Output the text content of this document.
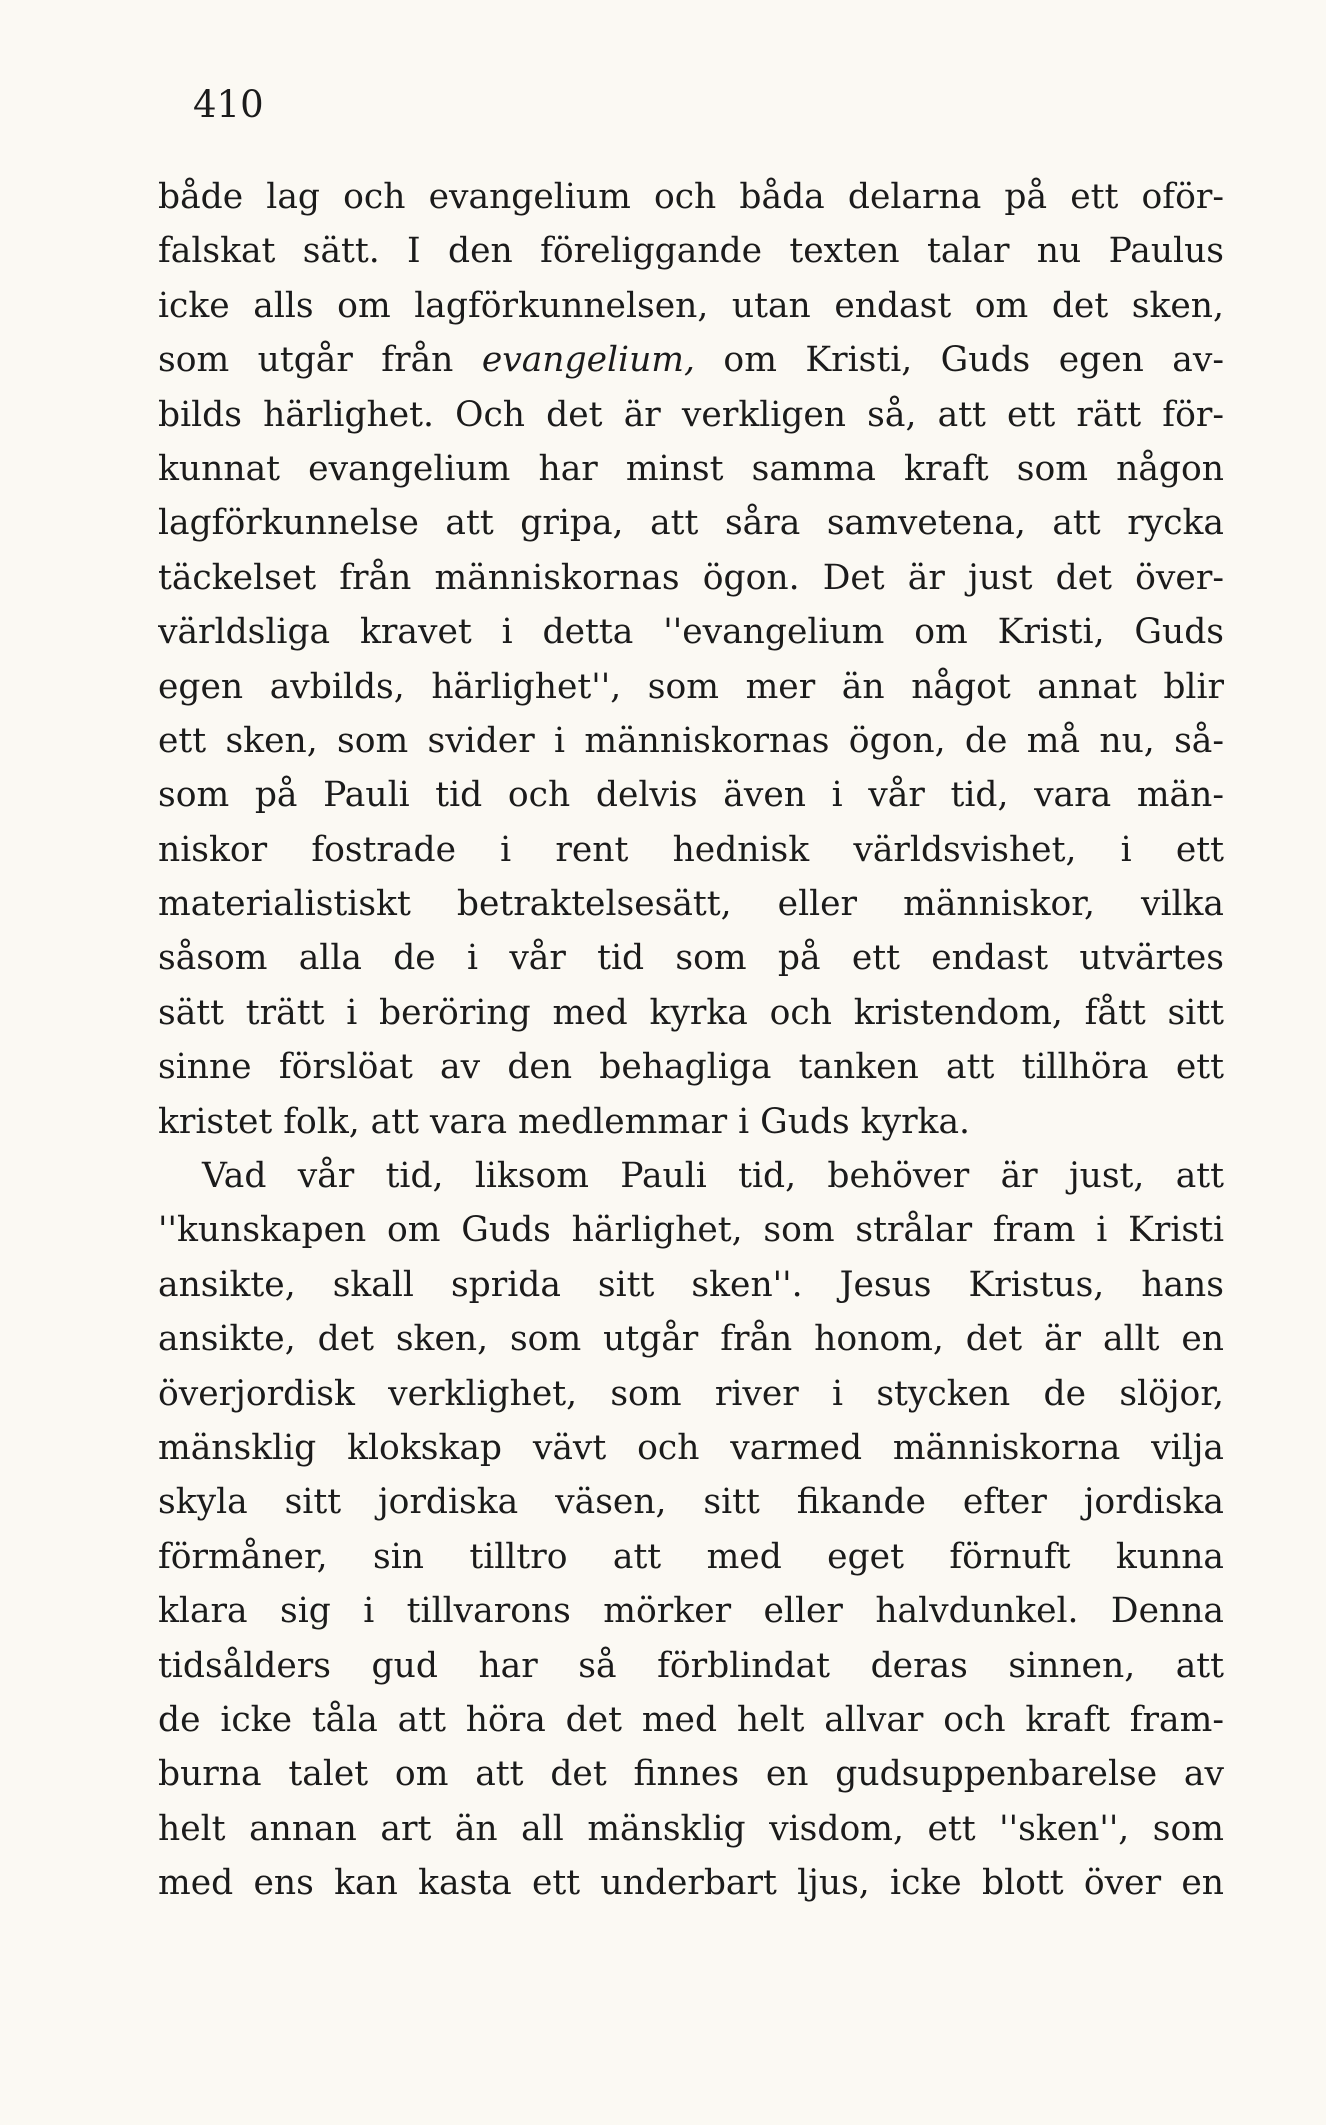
410
både lag och evangelium och båda delarna på ett oför-
falskat sätt. I den föreliggande texten talar nu Paulus
icke alls om lagförkunnelsen, utan endast om det sken,
som utgår från evangelium, om Kristi, Guds egen av-
bilds härlighet. Och det är verkligen så, att ett rätt för-
kunnat evangelium har minst samma kraft som någon
lagförkunnelse att gripa, att såra samvetena, att rycka
täckelset från människornas ögon. Det är just det över-
världsliga kravet i detta ''evangelium om Kristi, Guds
egen avbilds, härlighet'', som mer än något annat blir
ett sken, som svider i människornas ögon, de må nu, så-
som på Pauli tid och delvis även i vår tid, vara män-
niskor fostrade i rent hednisk världsvishet, i ett
materialistiskt betraktelsesätt, eller människor, vilka
såsom alla de i vår tid som på ett endast utvärtes
sätt trätt i beröring med kyrka och kristendom, fått sitt
sinne förslöat av den behagliga tanken att tillhöra ett
kristet folk, att vara medlemmar i Guds kyrka.
Vad vår tid, liksom Pauli tid, behöver är just, att
''kunskapen om Guds härlighet, som strålar fram i Kristi
ansikte, skall sprida sitt sken''. Jesus Kristus, hans
ansikte, det sken, som utgår från honom, det är allt en
överjordisk verklighet, som river i stycken de slöjor,
mänsklig klokskap vävt och varmed människorna vilja
skyla sitt jordiska väsen, sitt fikande efter jordiska
förmåner, sin tilltro att med eget förnuft kunna
klara sig i tillvarons mörker eller halvdunkel. Denna
tidsålders gud har så förblindat deras sinnen, att
de icke tåla att höra det med helt allvar och kraft fram-
burna talet om att det finnes en gudsuppenbarelse av
helt annan art än all mänsklig visdom, ett ''sken'', som
med ens kan kasta ett underbart ljus, icke blott över en
